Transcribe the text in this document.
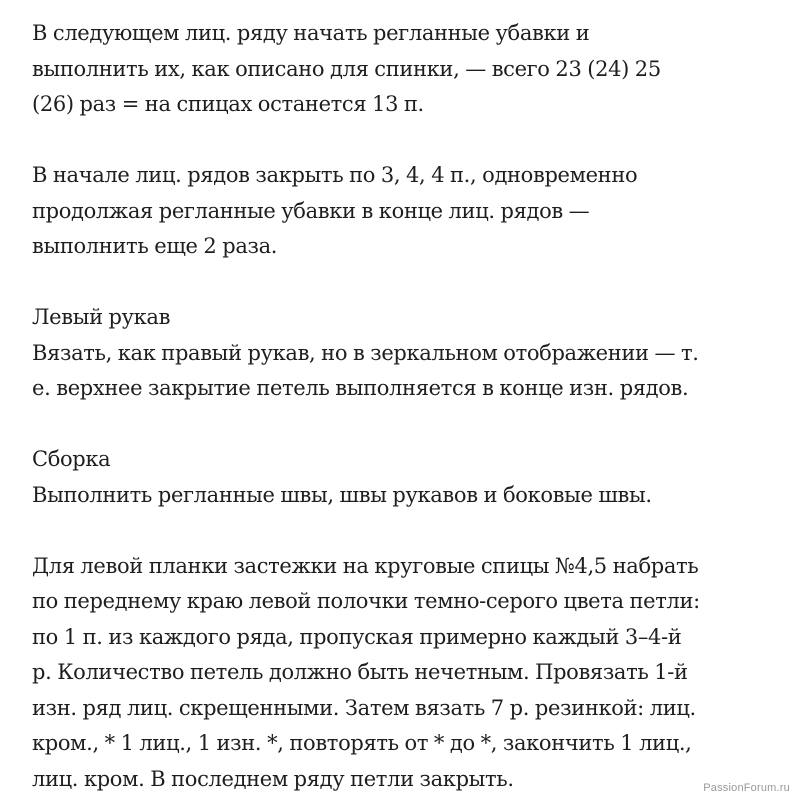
В следующем лиц. ряду начать регланные убавки и
выполнить их, как описано для спинки, — всего 23 (24) 25
(26) раз = на спицах останется 13 п.
В начале лиц. рядов закрыть по 3, 4, 4 п., одновременно
продолжая регланные убавки в конце лиц. рядов —
выполнить еще 2 раза.
Левый рукав
Вязать, как правый рукав, но в зеркальном отображении — т.
е. верхнее закрытие петель выполняется в конце изн. рядов.
Сборка
Выполнить регланные швы, швы рукавов и боковые швы.
Для левой планки застежки на круговые спицы №4,5 набрать
по переднему краю левой полочки темно-серого цвета петли:
по 1 п. из каждого ряда, пропуская примерно каждый 3–4-й
р. Количество петель должно быть нечетным. Провязать 1-й
изн. ряд лиц. скрещенными. Затем вязать 7 р. резинкой: лиц.
кром., * 1 лиц., 1 изн. *, повторять от * до *, закончить 1 лиц.,
лиц. кром. В последнем ряду петли закрыть.	PassionForum.ru
